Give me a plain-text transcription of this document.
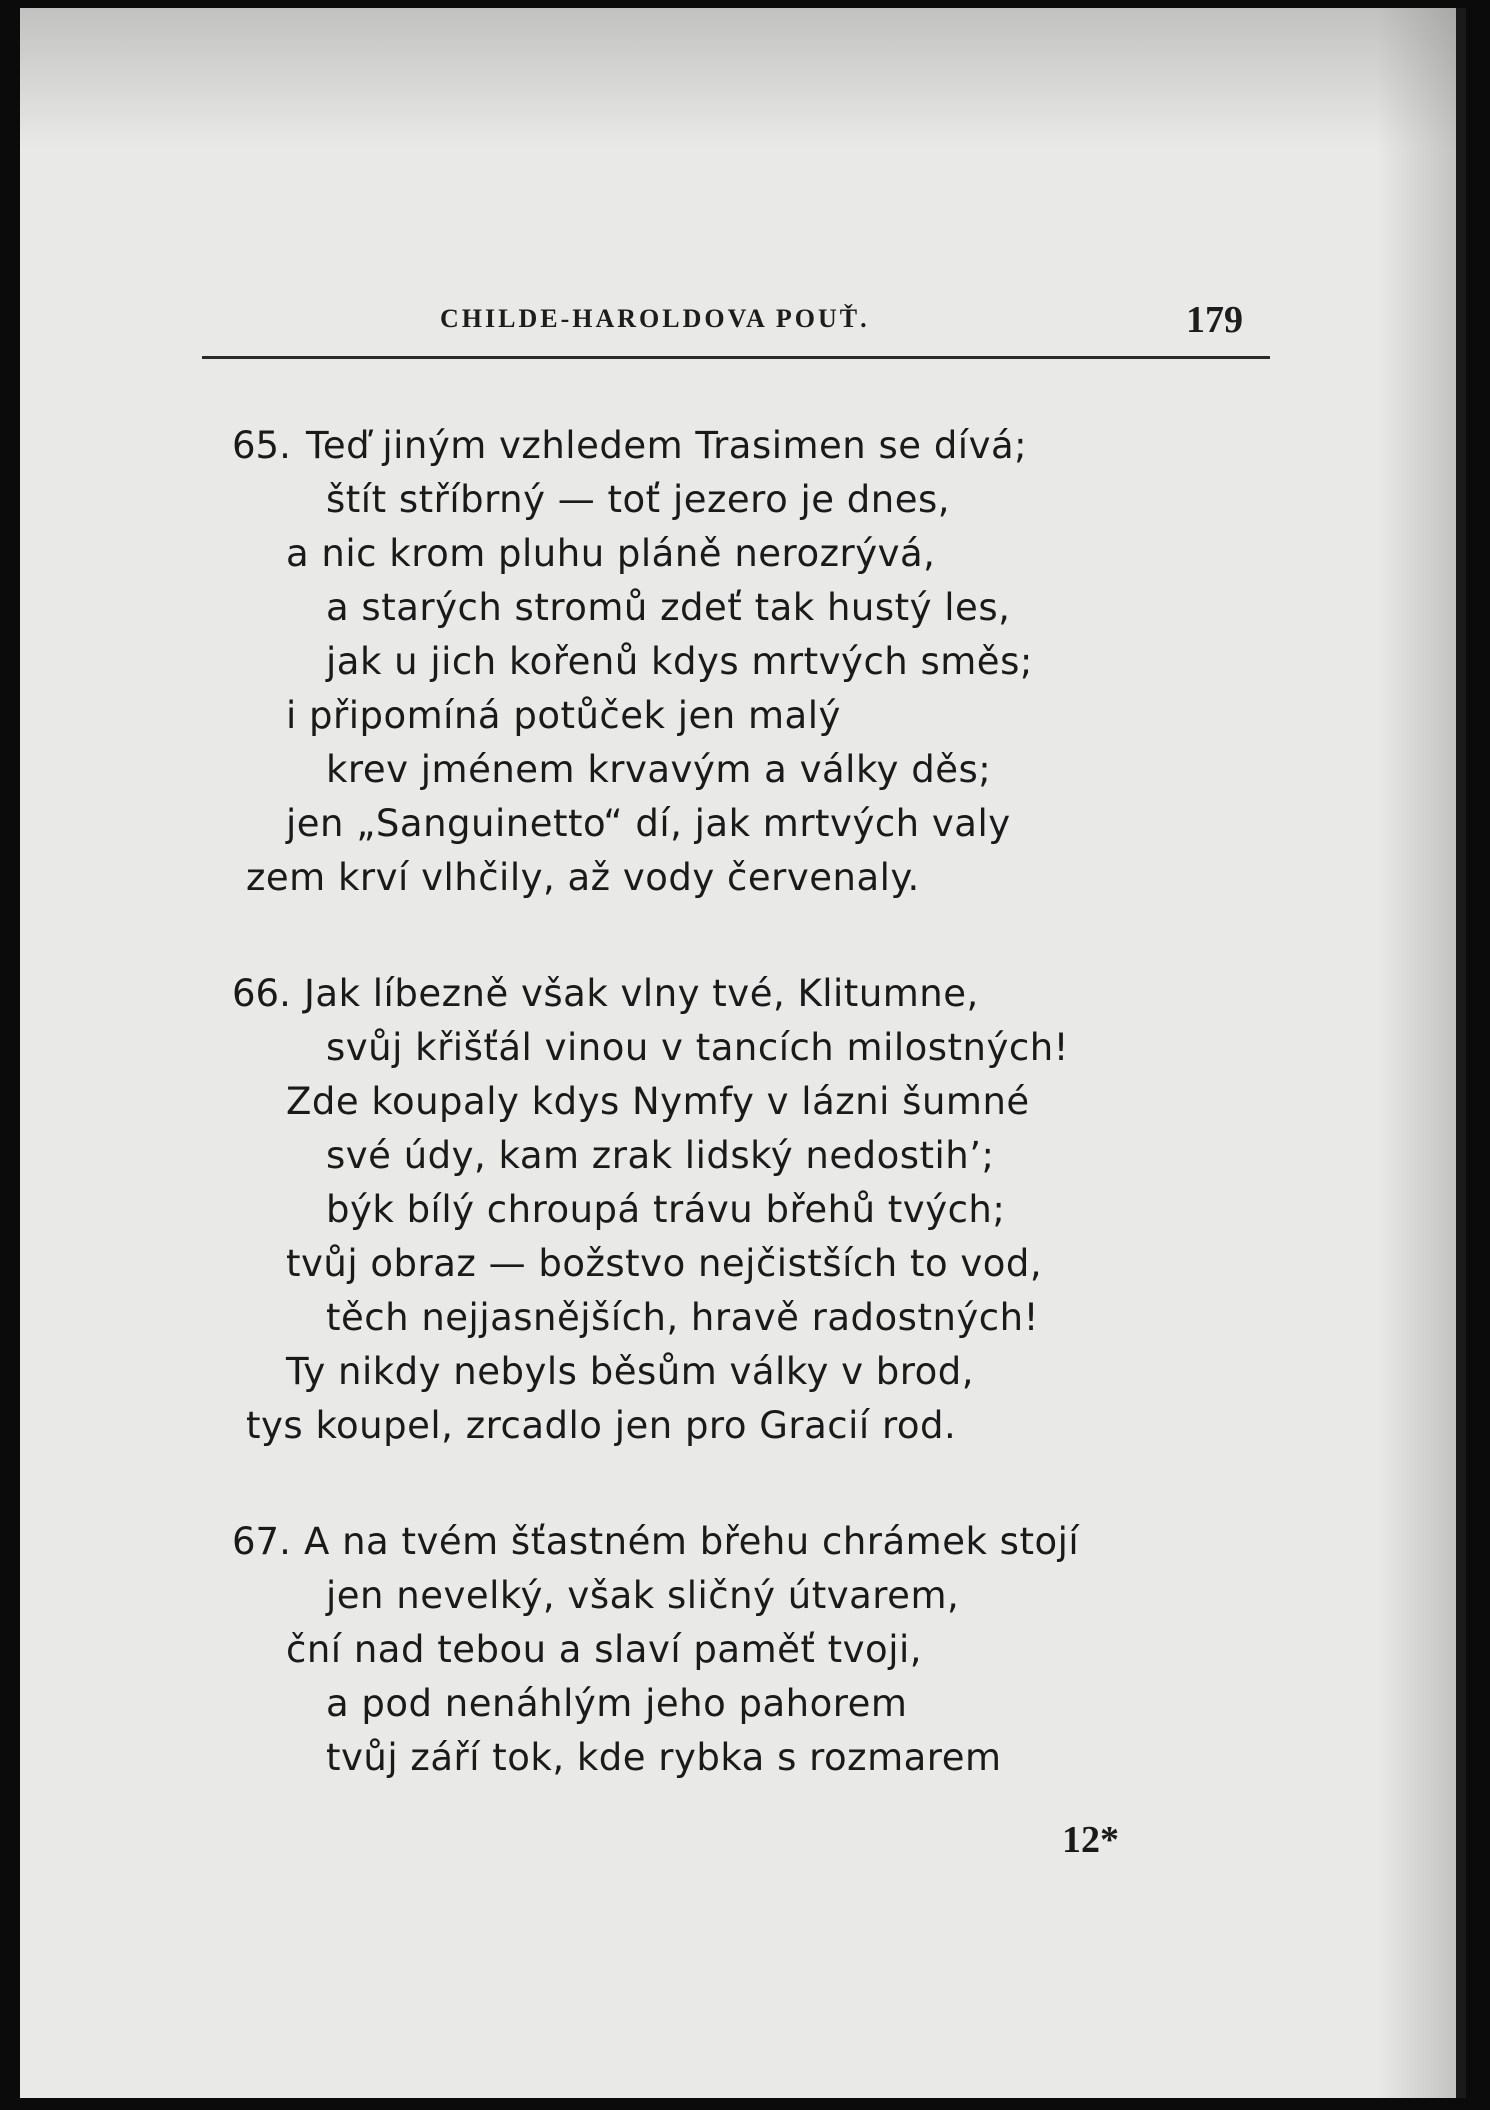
CHILDE-HAROLDOVA POUŤ.	179
65. Teď jiným vzhledem Trasimen se dívá;
štít stříbrný — toť jezero je dnes,
a nic krom pluhu pláně nerozrývá,
a starých stromů zdeť tak hustý les,
jak u jich kořenů kdys mrtvých směs;
i připomíná potůček jen malý
krev jménem krvavým a války děs;
jen „Sanguinetto“ dí, jak mrtvých valy
zem krví vlhčily, až vody červenaly.
66. Jak líbezně však vlny tvé, Klitumne,
svůj křišťál vinou v tancích milostných!
Zde koupaly kdys Nymfy v lázni šumné
své údy, kam zrak lidský nedostih’;
býk bílý chroupá trávu břehů tvých;
tvůj obraz — božstvo nejčistších to vod,
těch nejjasnějších, hravě radostných!
Ty nikdy nebyls běsům války v brod,
tys koupel, zrcadlo jen pro Gracií rod.
67. A na tvém šťastném břehu chrámek stojí
jen nevelký, však sličný útvarem,
ční nad tebou a slaví paměť tvoji,
a pod nenáhlým jeho pahorem
tvůj září tok, kde rybka s rozmarem
12*
